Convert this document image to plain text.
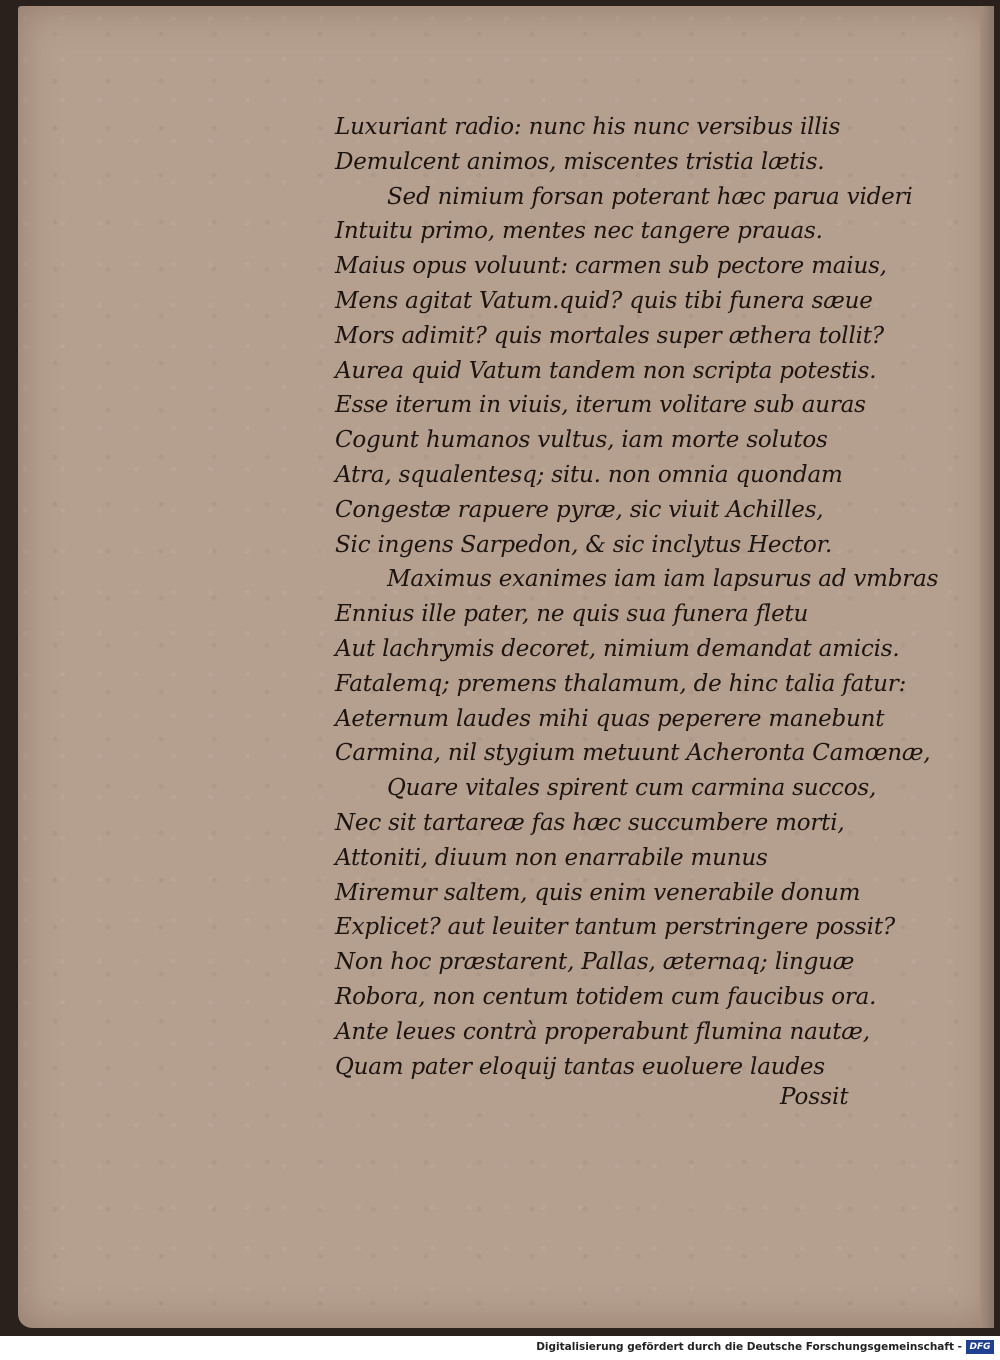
Luxuriant radio: nunc his nunc versibus illis
Demulcent animos, miscentes tristia lætis.
Sed nimium forsan poterant hæc parua videri
Intuitu primo, mentes nec tangere prauas.
Maius opus voluunt: carmen sub pectore maius,
Mens agitat Vatum.quid? quis tibi funera sæue
Mors adimit? quis mortales super æthera tollit?
Aurea quid Vatum tandem non scripta potestis.
Esse iterum in viuis, iterum volitare sub auras
Cogunt humanos vultus, iam morte solutos
Atra, squalentesq; situ. non omnia quondam
Congestæ rapuere pyræ, sic viuit Achilles,
Sic ingens Sarpedon, & sic inclytus Hector.
Maximus exanimes iam iam lapsurus ad vmbras
Ennius ille pater, ne quis sua funera fletu
Aut lachrymis decoret, nimium demandat amicis.
Fatalemq; premens thalamum, de hinc talia fatur:
Aeternum laudes mihi quas peperere manebunt
Carmina, nil stygium metuunt Acheronta Camœnæ,
Quare vitales spirent cum carmina succos,
Nec sit tartareæ fas hæc succumbere morti,
Attoniti, diuum non enarrabile munus
Miremur saltem, quis enim venerabile donum
Explicet? aut leuiter tantum perstringere possit?
Non hoc præstarent, Pallas, æternaq; linguæ
Robora, non centum totidem cum faucibus ora.
Ante leues contrà properabunt flumina nautæ,
Quam pater eloquij tantas euoluere laudes
Possit
Digitalisierung gefördert durch die Deutsche Forschungsgemeinschaft - DFG
